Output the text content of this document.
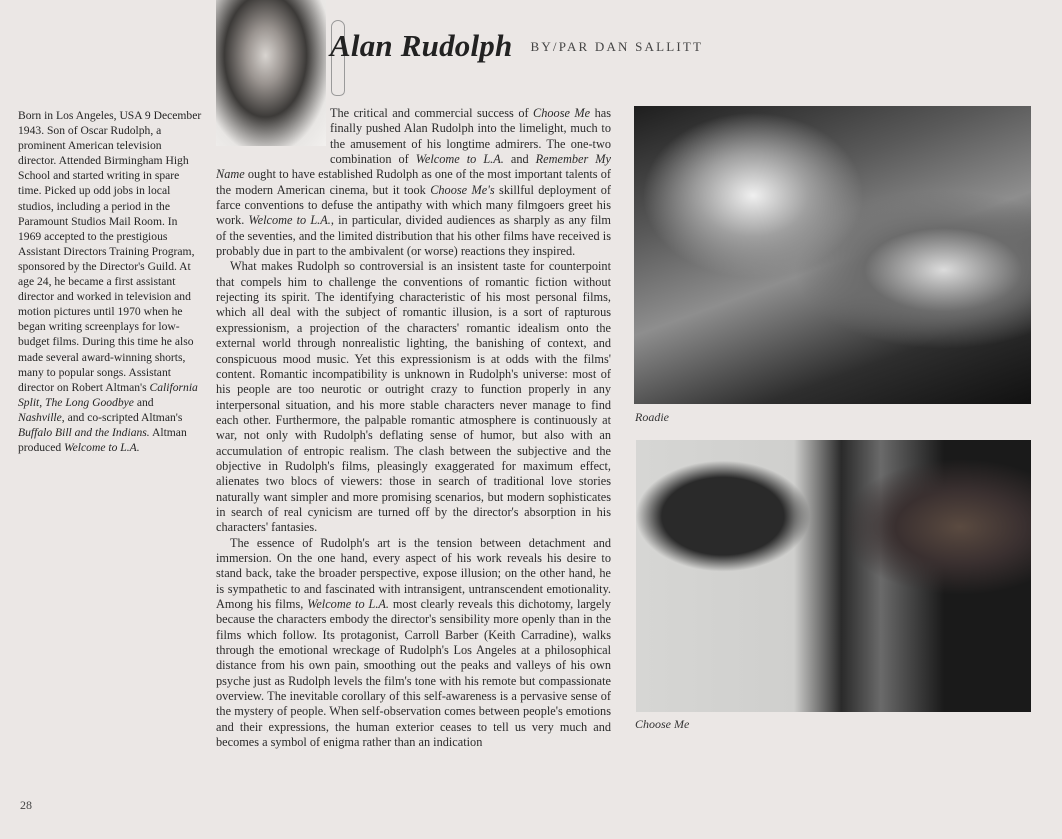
Alan Rudolph BY/PAR DAN SALLITT

Born in Los Angeles, USA 9 December 1943. Son of Oscar Rudolph, a prominent American television director. Attended Birmingham High School and started writing in spare time. Picked up odd jobs in local studios, including a period in the Paramount Studios Mail Room. In 1969 accepted to the prestigious Assistant Directors Training Program, sponsored by the Director's Guild. At age 24, he became a first assistant director and worked in television and motion pictures until 1970 when he began writing screenplays for low-budget films. During this time he also made several award-winning shorts, many to popular songs. Assistant director on Robert Altman's California Split, The Long Goodbye and Nashville, and co-scripted Altman's Buffalo Bill and the Indians. Altman produced Welcome to L.A.

The critical and commercial success of Choose Me has finally pushed Alan Rudolph into the limelight, much to the amusement of his longtime admirers. The one-two combination of Welcome to L.A. and Remember My Name ought to have established Rudolph as one of the most important talents of the modern American cinema, but it took Choose Me's skillful deployment of farce conventions to defuse the antipathy with which many filmgoers greet his work. Welcome to L.A., in particular, divided audiences as sharply as any film of the seventies, and the limited distribution that his other films have received is probably due in part to the ambivalent (or worse) reactions they inspired.

What makes Rudolph so controversial is an insistent taste for counterpoint that compels him to challenge the conventions of romantic fiction without rejecting its spirit. The identifying characteristic of his most personal films, which all deal with the subject of romantic illusion, is a sort of rapturous expressionism, a projection of the characters' romantic idealism onto the external world through nonrealistic lighting, the banishing of context, and conspicuous mood music. Yet this expressionism is at odds with the films' content. Romantic incompatibility is unknown in Rudolph's universe: most of his people are too neurotic or outright crazy to function properly in any interpersonal situation, and his more stable characters never manage to find each other. Furthermore, the palpable romantic atmosphere is continuously at war, not only with Rudolph's deflating sense of humor, but also with an accumulation of entropic realism. The clash between the subjective and the objective in Rudolph's films, pleasingly exaggerated for maximum effect, alienates two blocs of viewers: those in search of traditional love stories naturally want simpler and more promising scenarios, but modern sophisticates in search of real cynicism are turned off by the director's absorption in his characters' fantasies.

The essence of Rudolph's art is the tension between detachment and immersion. On the one hand, every aspect of his work reveals his desire to stand back, take the broader perspective, expose illusion; on the other hand, he is sympathetic to and fascinated with intransigent, untranscendent emotionality. Among his films, Welcome to L.A. most clearly reveals this dichotomy, largely because the characters embody the director's sensibility more openly than in the films which follow. Its protagonist, Carroll Barber (Keith Carradine), walks through the emotional wreckage of Rudolph's Los Angeles at a philosophical distance from his own pain, smoothing out the peaks and valleys of his own psyche just as Rudolph levels the film's tone with his remote but compassionate overview. The inevitable corollary of this self-awareness is a pervasive sense of the mystery of people. When self-observation comes between people's emotions and their expressions, the human exterior ceases to tell us very much and becomes a symbol of enigma rather than an indication

Roadie

Choose Me

28
